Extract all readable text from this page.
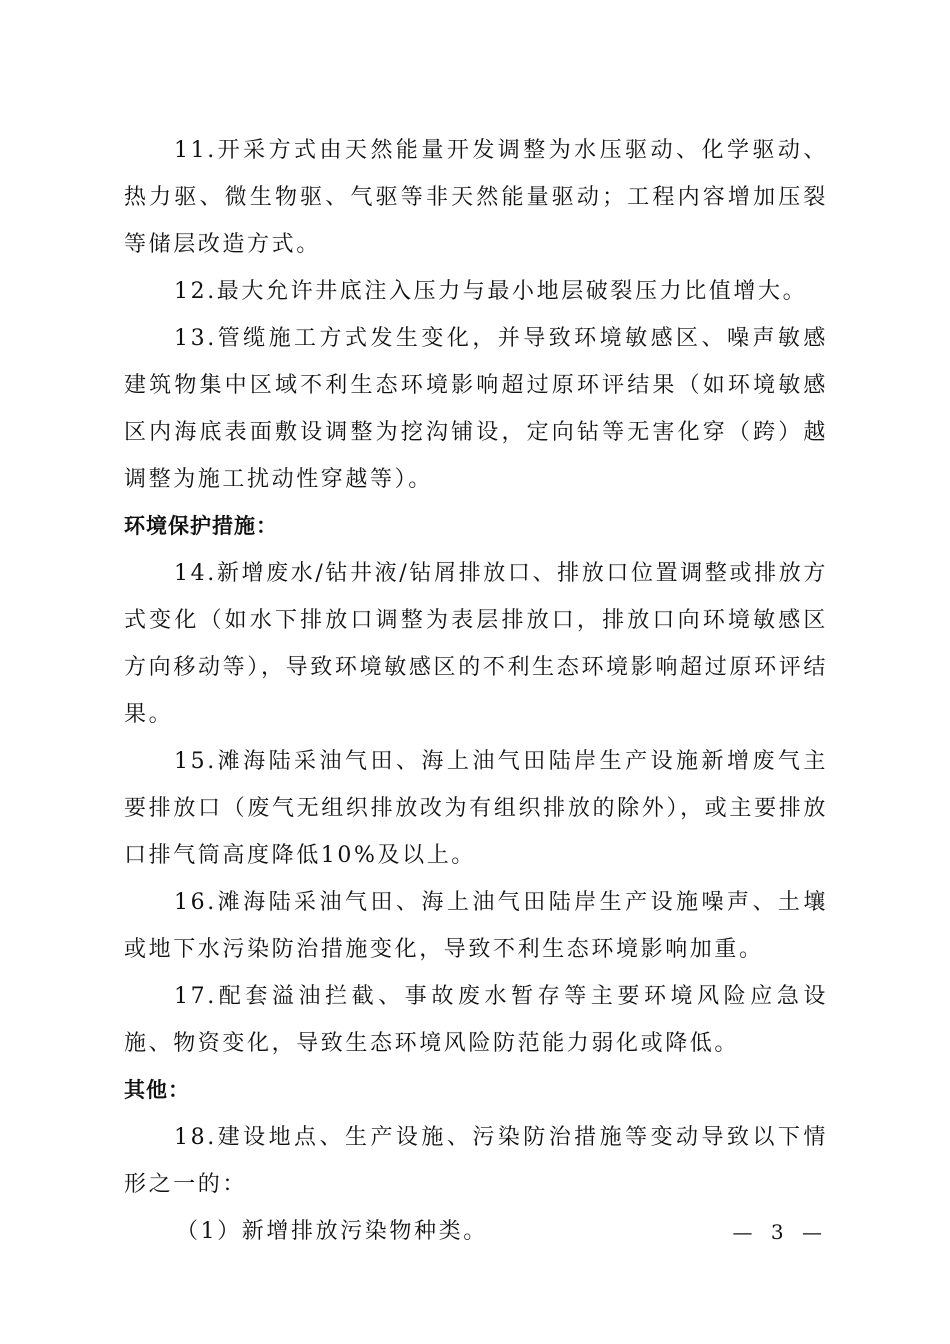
11.开采方式由天然能量开发调整为水压驱动、化学驱动、热力驱、微生物驱、气驱等非天然能量驱动；工程内容增加压裂等储层改造方式。

12.最大允许井底注入压力与最小地层破裂压力比值增大。

13.管缆施工方式发生变化，并导致环境敏感区、噪声敏感建筑物集中区域不利生态环境影响超过原环评结果（如环境敏感区内海底表面敷设调整为挖沟铺设，定向钻等无害化穿（跨）越调整为施工扰动性穿越等）。

环境保护措施：

14.新增废水/钻井液/钻屑排放口、排放口位置调整或排放方式变化（如水下排放口调整为表层排放口，排放口向环境敏感区方向移动等），导致环境敏感区的不利生态环境影响超过原环评结果。

15.滩海陆采油气田、海上油气田陆岸生产设施新增废气主要排放口（废气无组织排放改为有组织排放的除外），或主要排放口排气筒高度降低10%及以上。

16.滩海陆采油气田、海上油气田陆岸生产设施噪声、土壤或地下水污染防治措施变化，导致不利生态环境影响加重。

17.配套溢油拦截、事故废水暂存等主要环境风险应急设施、物资变化，导致生态环境风险防范能力弱化或降低。

其他：

18.建设地点、生产设施、污染防治措施等变动导致以下情形之一的：

（1）新增排放污染物种类。	— 3 —
